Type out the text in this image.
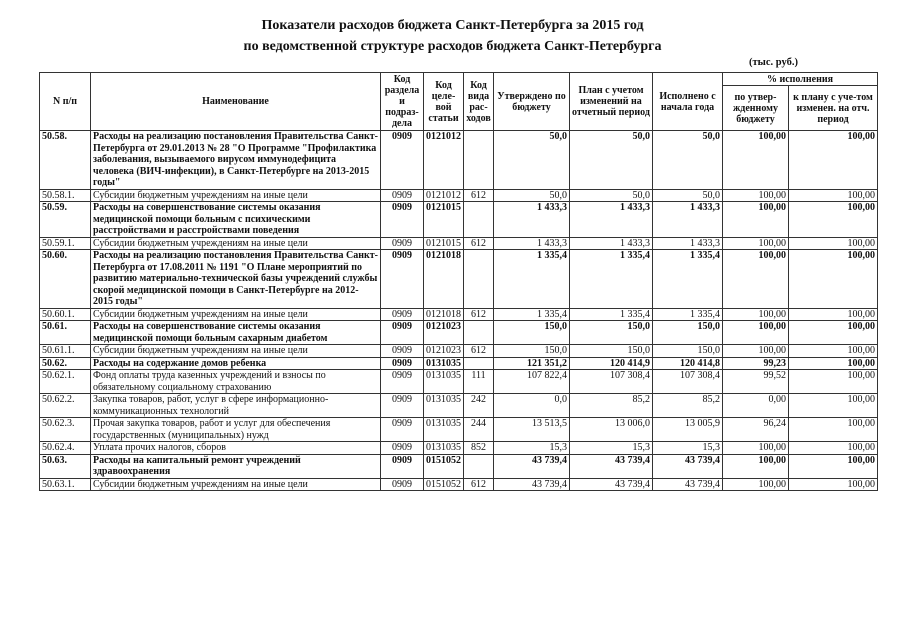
Показатели расходов бюджета Санкт-Петербурга за 2015 год
по ведомственной структуре расходов бюджета Санкт-Петербурга
(тыс. руб.)
N п/п	Наименование	Код раздела и подраз-дела	Код целе-вой статьи	Код вида рас-ходов	Утверждено по бюджету	План с учетом изменений на отчетный период	Исполнено с начала года	% исполнения	
								по утвер-жденному бюджету	к плану с уче-том изменен. на отч. период
50.58.	Расходы на реализацию постановления Правительства Санкт-Петербурга от 29.01.2013 № 28 "О Программе "Профилактика заболевания, вызываемого вирусом иммунодефицита человека (ВИЧ-инфекции), в Санкт-Петербурге на 2013-2015 годы"	0909	0121012		50,0	50,0	50,0	100,00	100,00
50.58.1.	Субсидии бюджетным учреждениям на иные цели	0909	0121012	612	50,0	50,0	50,0	100,00	100,00
50.59.	Расходы на совершенствование системы оказания медицинской помощи больным с психическими расстройствами и расстройствами поведения	0909	0121015		1 433,3	1 433,3	1 433,3	100,00	100,00
50.59.1.	Субсидии бюджетным учреждениям на иные цели	0909	0121015	612	1 433,3	1 433,3	1 433,3	100,00	100,00
50.60.	Расходы на реализацию постановления Правительства Санкт-Петербурга от 17.08.2011 № 1191 "О Плане мероприятий по развитию материально-технической базы учреждений службы скорой медицинской помощи в Санкт-Петербурге на 2012-2015 годы"	0909	0121018		1 335,4	1 335,4	1 335,4	100,00	100,00
50.60.1.	Субсидии бюджетным учреждениям на иные цели	0909	0121018	612	1 335,4	1 335,4	1 335,4	100,00	100,00
50.61.	Расходы на совершенствование системы оказания медицинской помощи больным сахарным диабетом	0909	0121023		150,0	150,0	150,0	100,00	100,00
50.61.1.	Субсидии бюджетным учреждениям на иные цели	0909	0121023	612	150,0	150,0	150,0	100,00	100,00
50.62.	Расходы на содержание домов ребенка	0909	0131035		121 351,2	120 414,9	120 414,8	99,23	100,00
50.62.1.	Фонд оплаты труда казенных учреждений и взносы по обязательному социальному страхованию	0909	0131035	111	107 822,4	107 308,4	107 308,4	99,52	100,00
50.62.2.	Закупка товаров, работ, услуг в сфере информационно-коммуникационных технологий	0909	0131035	242	0,0	85,2	85,2	0,00	100,00
50.62.3.	Прочая закупка товаров, работ и услуг для обеспечения государственных (муниципальных) нужд	0909	0131035	244	13 513,5	13 006,0	13 005,9	96,24	100,00
50.62.4.	Уплата прочих налогов, сборов	0909	0131035	852	15,3	15,3	15,3	100,00	100,00
50.63.	Расходы на капитальный ремонт учреждений здравоохранения	0909	0151052		43 739,4	43 739,4	43 739,4	100,00	100,00
50.63.1.	Субсидии бюджетным учреждениям на иные цели	0909	0151052	612	43 739,4	43 739,4	43 739,4	100,00	100,00
